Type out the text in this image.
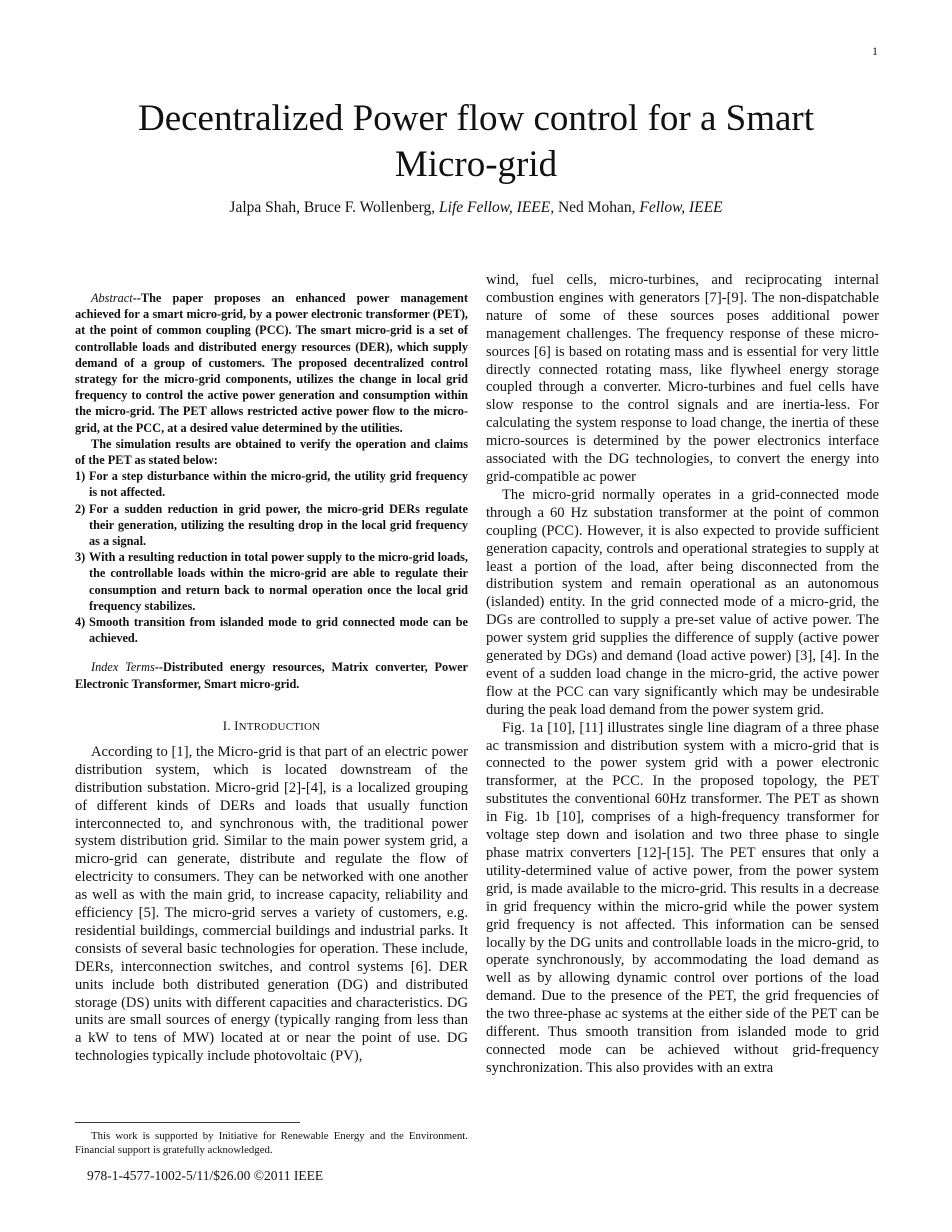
1
Decentralized Power flow control for a Smart
Micro-grid
Jalpa Shah, Bruce F. Wollenberg, Life Fellow, IEEE, Ned Mohan, Fellow, IEEE

Abstract--The paper proposes an enhanced power management achieved for a smart micro-grid, by a power electronic transformer (PET), at the point of common coupling (PCC). The smart micro-grid is a set of controllable loads and distributed energy resources (DER), which supply demand of a group of customers. The proposed decentralized control strategy for the micro-grid components, utilizes the change in local grid frequency to control the active power generation and consumption within the micro-grid. The PET allows restricted active power flow to the micro-grid, at the PCC, at a desired value determined by the utilities.

The simulation results are obtained to verify the operation and claims of the PET as stated below:

1) For a step disturbance within the micro-grid, the utility grid frequency is not affected.
2) For a sudden reduction in grid power, the micro-grid DERs regulate their generation, utilizing the resulting drop in the local grid frequency as a signal.
3) With a resulting reduction in total power supply to the micro-grid loads, the controllable loads within the micro-grid are able to regulate their consumption and return back to normal operation once the local grid frequency stabilizes.
4) Smooth transition from islanded mode to grid connected mode can be achieved.

Index Terms--Distributed energy resources, Matrix converter, Power Electronic Transformer, Smart micro-grid.

I. INTRODUCTION

According to [1], the Micro-grid is that part of an electric power distribution system, which is located downstream of the distribution substation. Micro-grid [2]-[4], is a localized grouping of different kinds of DERs and loads that usually function interconnected to, and synchronous with, the traditional power system distribution grid. Similar to the main power system grid, a micro-grid can generate, distribute and regulate the flow of electricity to consumers. They can be networked with one another as well as with the main grid, to increase capacity, reliability and efficiency [5]. The micro-grid serves a variety of customers, e.g. residential buildings, commercial buildings and industrial parks. It consists of several basic technologies for operation. These include, DERs, interconnection switches, and control systems [6]. DER units include both distributed generation (DG) and distributed storage (DS) units with different capacities and characteristics. DG units are small sources of energy (typically ranging from less than a kW to tens of MW) located at or near the point of use. DG technologies typically include photovoltaic (PV),

wind, fuel cells, micro-turbines, and reciprocating internal combustion engines with generators [7]-[9]. The non-dispatchable nature of some of these sources poses additional power management challenges. The frequency response of these micro-sources [6] is based on rotating mass and is essential for very little directly connected rotating mass, like flywheel energy storage coupled through a converter. Micro-turbines and fuel cells have slow response to the control signals and are inertia-less. For calculating the system response to load change, the inertia of these micro-sources is determined by the power electronics interface associated with the DG technologies, to convert the energy into grid-compatible ac power

The micro-grid normally operates in a grid-connected mode through a 60 Hz substation transformer at the point of common coupling (PCC). However, it is also expected to provide sufficient generation capacity, controls and operational strategies to supply at least a portion of the load, after being disconnected from the distribution system and remain operational as an autonomous (islanded) entity. In the grid connected mode of a micro-grid, the DGs are controlled to supply a pre-set value of active power. The power system grid supplies the difference of supply (active power generated by DGs) and demand (load active power) [3], [4]. In the event of a sudden load change in the micro-grid, the active power flow at the PCC can vary significantly which may be undesirable during the peak load demand from the power system grid.

Fig. 1a [10], [11] illustrates single line diagram of a three phase ac transmission and distribution system with a micro-grid that is connected to the power system grid with a power electronic transformer, at the PCC. In the proposed topology, the PET substitutes the conventional 60Hz transformer. The PET as shown in Fig. 1b [10], comprises of a high-frequency transformer for voltage step down and isolation and two three phase to single phase matrix converters [12]-[15]. The PET ensures that only a utility-determined value of active power, from the power system grid, is made available to the micro-grid. This results in a decrease in grid frequency within the micro-grid while the power system grid frequency is not affected. This information can be sensed locally by the DG units and controllable loads in the micro-grid, to operate synchronously, by accommodating the load demand as well as by allowing dynamic control over portions of the load demand. Due to the presence of the PET, the grid frequencies of the two three-phase ac systems at the either side of the PET can be different. Thus smooth transition from islanded mode to grid connected mode can be achieved without grid-frequency synchronization. This also provides with an extra

This work is supported by Initiative for Renewable Energy and the Environment. Financial support is gratefully acknowledged.
978-1-4577-1002-5/11/$26.00 ©2011 IEEE
